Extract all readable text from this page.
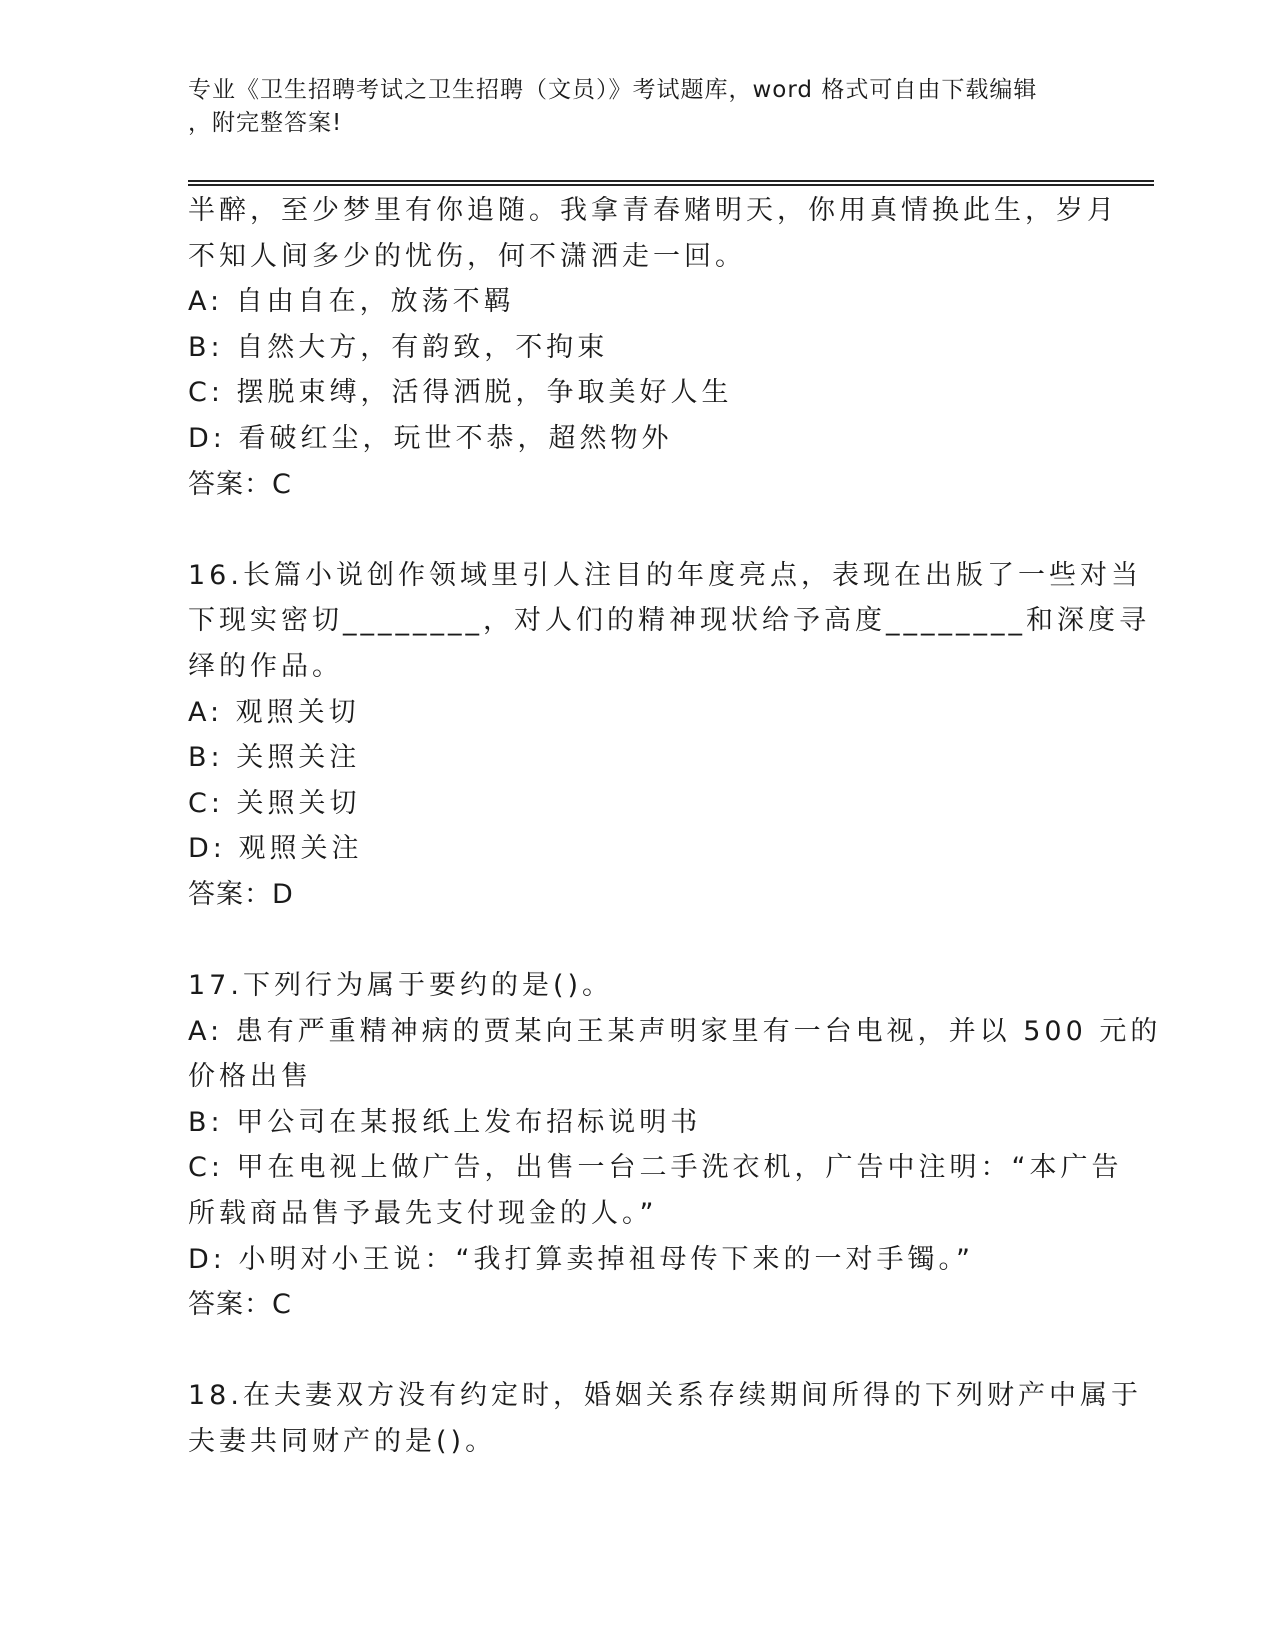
专业《卫生招聘考试之卫生招聘（文员）》考试题库，word 格式可自由下载编辑
，附完整答案!
半醉，至少梦里有你追随。我拿青春赌明天，你用真情换此生，岁月
不知人间多少的忧伤，何不潇洒走一回。
A: 自由自在，放荡不羁
B: 自然大方，有韵致，不拘束
C: 摆脱束缚，活得洒脱，争取美好人生
D: 看破红尘，玩世不恭，超然物外
答案：C
16.长篇小说创作领域里引人注目的年度亮点，表现在出版了一些对当
下现实密切________，对人们的精神现状给予高度________和深度寻
绎的作品。
A: 观照关切
B: 关照关注
C: 关照关切
D: 观照关注
答案：D
17.下列行为属于要约的是()。
A: 患有严重精神病的贾某向王某声明家里有一台电视，并以 500 元的
价格出售
B: 甲公司在某报纸上发布招标说明书
C: 甲在电视上做广告，出售一台二手洗衣机，广告中注明：“本广告
所载商品售予最先支付现金的人。”
D: 小明对小王说：“我打算卖掉祖母传下来的一对手镯。”
答案：C
18.在夫妻双方没有约定时，婚姻关系存续期间所得的下列财产中属于
夫妻共同财产的是()。
